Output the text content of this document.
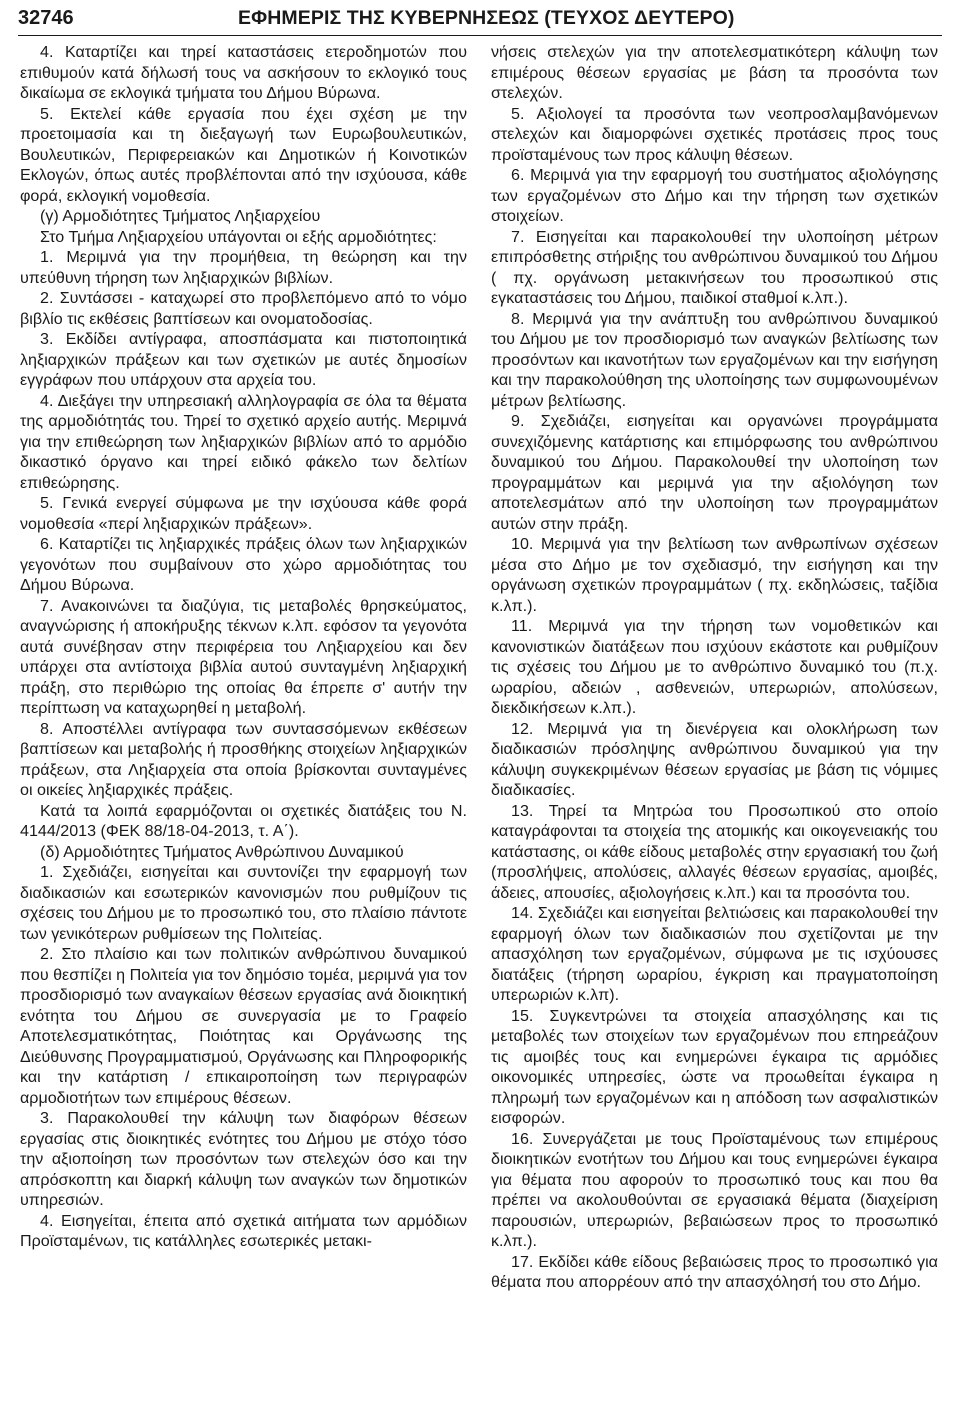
32746	ΕΦΗΜΕΡΙΣ ΤΗΣ ΚΥΒΕΡΝΗΣΕΩΣ (ΤΕΥΧΟΣ ΔΕΥΤΕΡΟ)

4. Καταρτίζει και τηρεί καταστάσεις ετεροδημοτών που επιθυμούν κατά δήλωσή τους να ασκήσουν το εκλογικό τους δικαίωμα σε εκλογικά τμήματα του Δήμου Βύρωνα.

5. Εκτελεί κάθε εργασία που έχει σχέση με την προετοιμασία και τη διεξαγωγή των Ευρωβουλευτικών, Βουλευτικών, Περιφερειακών και Δημοτικών ή Κοινοτικών Εκλογών, όπως αυτές προβλέπονται από την ισχύουσα, κάθε φορά, εκλογική νομοθεσία.

(γ) Αρμοδιότητες Τμήματος Ληξιαρχείου

Στο Τμήμα Ληξιαρχείου υπάγονται οι εξής αρμοδιότητες:

1. Μεριμνά για την προμήθεια, τη θεώρηση και την υπεύθυνη τήρηση των ληξιαρχικών βιβλίων.

2. Συντάσσει - καταχωρεί στο προβλεπόμενο από το νόμο βιβλίο τις εκθέσεις βαπτίσεων και ονοματοδοσίας.

3. Εκδίδει αντίγραφα, αποσπάσματα και πιστοποιητικά ληξιαρχικών πράξεων και των σχετικών με αυτές δημοσίων εγγράφων που υπάρχουν στα αρχεία του.

4. Διεξάγει την υπηρεσιακή αλληλογραφία σε όλα τα θέματα της αρμοδιότητάς του. Τηρεί το σχετικό αρχείο αυτής. Μεριμνά για την επιθεώρηση των ληξιαρχικών βιβλίων από το αρμόδιο δικαστικό όργανο και τηρεί ειδικό φάκελο των δελτίων επιθεώρησης.

5. Γενικά ενεργεί σύμφωνα με την ισχύουσα κάθε φορά νομοθεσία «περί ληξιαρχικών πράξεων».

6. Καταρτίζει τις ληξιαρχικές πράξεις όλων των ληξιαρχικών γεγονότων που συμβαίνουν στο χώρο αρμοδιότητας του Δήμου Βύρωνα.

7. Ανακοινώνει τα διαζύγια, τις μεταβολές θρησκεύματος, αναγνώρισης ή αποκήρυξης τέκνων κ.λπ. εφόσον τα γεγονότα αυτά συνέβησαν στην περιφέρεια του Ληξιαρχείου και δεν υπάρχει στα αντίστοιχα βιβλία αυτού συνταγμένη ληξιαρχική πράξη, στο περιθώριο της οποίας θα έπρεπε σ' αυτήν την περίπτωση να καταχωρηθεί η μεταβολή.

8. Αποστέλλει αντίγραφα των συντασσόμενων εκθέσεων βαπτίσεων και μεταβολής ή προσθήκης στοιχείων ληξιαρχικών πράξεων, στα Ληξιαρχεία στα οποία βρίσκονται συνταγμένες οι οικείες ληξιαρχικές πράξεις.

Κατά τα λοιπά εφαρμόζονται οι σχετικές διατάξεις του Ν. 4144/2013 (ΦΕΚ 88/18-04-2013, τ. Α΄).

(δ) Αρμοδιότητες Τμήματος Ανθρώπινου Δυναμικού

1. Σχεδιάζει, εισηγείται και συντονίζει την εφαρμογή των διαδικασιών και εσωτερικών κανονισμών που ρυθμίζουν τις σχέσεις του Δήμου με το προσωπικό του, στο πλαίσιο πάντοτε των γενικότερων ρυθμίσεων της Πολιτείας.

2. Στο πλαίσιο και των πολιτικών ανθρώπινου δυναμικού που θεσπίζει η Πολιτεία για τον δημόσιο τομέα, μεριμνά για τον προσδιορισμό των αναγκαίων θέσεων εργασίας ανά διοικητική ενότητα του Δήμου σε συνεργασία με το Γραφείο Αποτελεσματικότητας, Ποιότητας και Οργάνωσης της Διεύθυνσης Προγραμματισμού, Οργάνωσης και Πληροφορικής και την κατάρτιση / επικαιροποίηση των περιγραφών αρμοδιοτήτων των επιμέρους θέσεων.

3. Παρακολουθεί την κάλυψη των διαφόρων θέσεων εργασίας στις διοικητικές ενότητες του Δήμου με στόχο τόσο την αξιοποίηση των προσόντων των στελεχών όσο και την απρόσκοπτη και διαρκή κάλυψη των αναγκών των δημοτικών υπηρεσιών.

4. Εισηγείται, έπειτα από σχετικά αιτήματα των αρμόδιων Προϊσταμένων, τις κατάλληλες εσωτερικές μετακι-

νήσεις στελεχών για την αποτελεσματικότερη κάλυψη των επιμέρους θέσεων εργασίας με βάση τα προσόντα των στελεχών.

5. Αξιολογεί τα προσόντα των νεοπροσλαμβανόμενων στελεχών και διαμορφώνει σχετικές προτάσεις προς τους προϊσταμένους των προς κάλυψη θέσεων.

6. Μεριμνά για την εφαρμογή του συστήματος αξιολόγησης των εργαζομένων στο Δήμο και την τήρηση των σχετικών στοιχείων.

7. Εισηγείται και παρακολουθεί την υλοποίηση μέτρων επιπρόσθετης στήριξης του ανθρώπινου δυναμικού του Δήμου ( πχ. οργάνωση μετακινήσεων του προσωπικού στις εγκαταστάσεις του Δήμου, παιδικοί σταθμοί κ.λπ.).

8. Μεριμνά για την ανάπτυξη του ανθρώπινου δυναμικού του Δήμου με τον προσδιορισμό των αναγκών βελτίωσης των προσόντων και ικανοτήτων των εργαζομένων και την εισήγηση και την παρακολούθηση της υλοποίησης των συμφωνουμένων μέτρων βελτίωσης.

9. Σχεδιάζει, εισηγείται και οργανώνει προγράμματα συνεχιζόμενης κατάρτισης και επιμόρφωσης του ανθρώπινου δυναμικού του Δήμου. Παρακολουθεί την υλοποίηση των προγραμμάτων και μεριμνά για την αξιολόγηση των αποτελεσμάτων από την υλοποίηση των προγραμμάτων αυτών στην πράξη.

10. Μεριμνά για την βελτίωση των ανθρωπίνων σχέσεων μέσα στο Δήμο με τον σχεδιασμό, την εισήγηση και την οργάνωση σχετικών προγραμμάτων ( πχ. εκδηλώσεις, ταξίδια κ.λπ.).

11. Μεριμνά για την τήρηση των νομοθετικών και κανονιστικών διατάξεων που ισχύουν εκάστοτε και ρυθμίζουν τις σχέσεις του Δήμου με το ανθρώπινο δυναμικό του (π.χ. ωραρίου, αδειών , ασθενειών, υπερωριών, απολύσεων, διεκδικήσεων κ.λπ.).

12. Μεριμνά για τη διενέργεια και ολοκλήρωση των διαδικασιών πρόσληψης ανθρώπινου δυναμικού για την κάλυψη συγκεκριμένων θέσεων εργασίας με βάση τις νόμιμες διαδικασίες.

13. Τηρεί τα Μητρώα του Προσωπικού στο οποίο καταγράφονται τα στοιχεία της ατομικής και οικογενειακής του κατάστασης, οι κάθε είδους μεταβολές στην εργασιακή του ζωή (προσλήψεις, απολύσεις, αλλαγές θέσεων εργασίας, αμοιβές, άδειες, απουσίες, αξιολογήσεις κ.λπ.) και τα προσόντα του.

14. Σχεδιάζει και εισηγείται βελτιώσεις και παρακολουθεί την εφαρμογή όλων των διαδικασιών που σχετίζονται με την απασχόληση των εργαζομένων, σύμφωνα με τις ισχύουσες διατάξεις (τήρηση ωραρίου, έγκριση και πραγματοποίηση υπερωριών κ.λπ).

15. Συγκεντρώνει τα στοιχεία απασχόλησης και τις μεταβολές των στοιχείων των εργαζομένων που επηρεάζουν τις αμοιβές τους και ενημερώνει έγκαιρα τις αρμόδιες οικονομικές υπηρεσίες, ώστε να προωθείται έγκαιρα η πληρωμή των εργαζομένων και η απόδοση των ασφαλιστικών εισφορών.

16. Συνεργάζεται με τους Προϊσταμένους των επιμέρους διοικητικών ενοτήτων του Δήμου και τους ενημερώνει έγκαιρα για θέματα που αφορούν το προσωπικό τους και που θα πρέπει να ακολουθούνται σε εργασιακά θέματα (διαχείριση παρουσιών, υπερωριών, βεβαιώσεων προς το προσωπικό κ.λπ.).

17. Εκδίδει κάθε είδους βεβαιώσεις προς το προσωπικό για θέματα που απορρέουν από την απασχόλησή του στο Δήμο.
